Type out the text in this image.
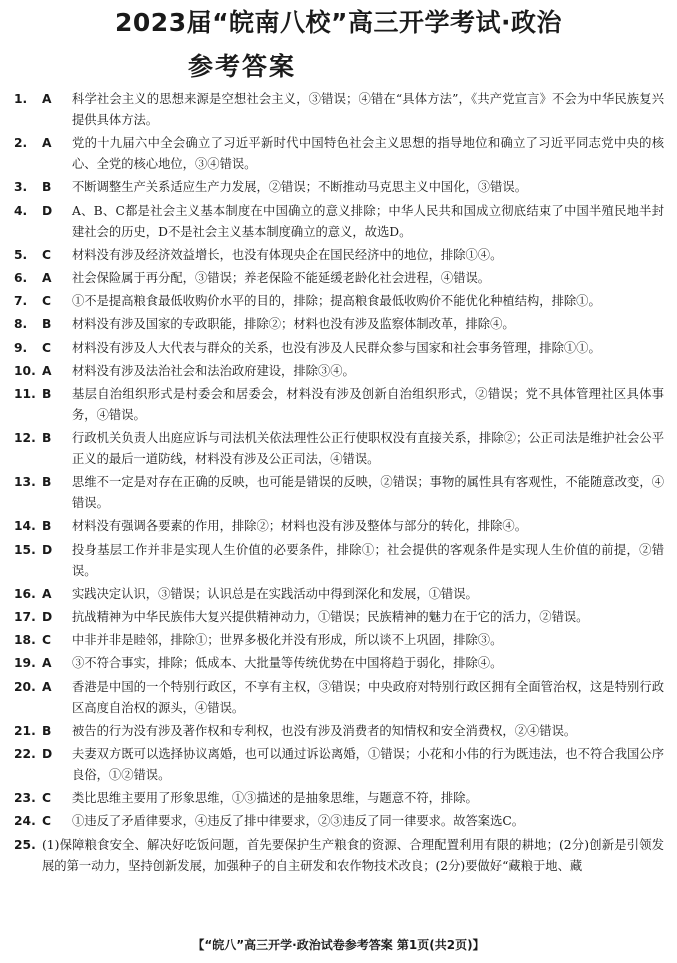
2023届“皖南八校”高三开学考试·政治
参考答案
1. A	科学社会主义的思想来源是空想社会主义，③错误；④错在“具体方法”，《共产党宣言》不会为中华民族复兴提供具体方法。
2. A	党的十九届六中全会确立了习近平新时代中国特色社会主义思想的指导地位和确立了习近平同志党中央的核心、全党的核心地位，③④错误。
3. B	不断调整生产关系适应生产力发展，②错误；不断推动马克思主义中国化，③错误。
4. D	A、B、C都是社会主义基本制度在中国确立的意义排除；中华人民共和国成立彻底结束了中国半殖民地半封建社会的历史，D不是社会主义基本制度确立的意义，故选D。
5. C	材料没有涉及经济效益增长，也没有体现央企在国民经济中的地位，排除①④。
6. A	社会保险属于再分配，③错误；养老保险不能延缓老龄化社会进程，④错误。
7. C	①不是提高粮食最低收购价水平的目的，排除；提高粮食最低收购价不能优化种植结构，排除①。
8. B	材料没有涉及国家的专政职能，排除②；材料也没有涉及监察体制改革，排除④。
9. C	材料没有涉及人大代表与群众的关系，也没有涉及人民群众参与国家和社会事务管理，排除①①。
10. A	材料没有涉及法治社会和法治政府建设，排除③④。
11. B	基层自治组织形式是村委会和居委会，材料没有涉及创新自治组织形式，②错误；党不具体管理社区具体事务，④错误。
12. B	行政机关负责人出庭应诉与司法机关依法理性公正行使职权没有直接关系，排除②；公正司法是维护社会公平正义的最后一道防线，材料没有涉及公正司法，④错误。
13. B	思维不一定是对存在正确的反映，也可能是错误的反映，②错误；事物的属性具有客观性，不能随意改变，④错误。
14. B	材料没有强调各要素的作用，排除②；材料也没有涉及整体与部分的转化，排除④。
15. D	投身基层工作并非是实现人生价值的必要条件，排除①；社会提供的客观条件是实现人生价值的前提，②错误。
16. A	实践决定认识，③错误；认识总是在实践活动中得到深化和发展，①错误。
17. D	抗战精神为中华民族伟大复兴提供精神动力，①错误；民族精神的魅力在于它的活力，②错误。
18. C	中非并非是睦邻，排除①；世界多极化并没有形成，所以谈不上巩固，排除③。
19. A	③不符合事实，排除；低成本、大批量等传统优势在中国将趋于弱化，排除④。
20. A	香港是中国的一个特别行政区，不享有主权，③错误；中央政府对特别行政区拥有全面管治权，这是特别行政区高度自治权的源头，④错误。
21. B	被告的行为没有涉及著作权和专利权，也没有涉及消费者的知情权和安全消费权，②④错误。
22. D	夫妻双方既可以选择协议离婚，也可以通过诉讼离婚，①错误；小花和小伟的行为既违法，也不符合我国公序良俗，①②错误。
23. C	类比思维主要用了形象思维，①③描述的是抽象思维，与题意不符，排除。
24. C	①违反了矛盾律要求，④违反了排中律要求，②③违反了同一律要求。故答案选C。
25. (1)保障粮食安全、解决好吃饭问题，首先要保护生产粮食的资源、合理配置利用有限的耕地；(2分)创新是引领发展的第一动力，坚持创新发展，加强种子的自主研发和农作物技术改良；(2分)要做好“藏粮于地、藏
【“皖八”高三开学·政治试卷参考答案 第1页(共2页)】
